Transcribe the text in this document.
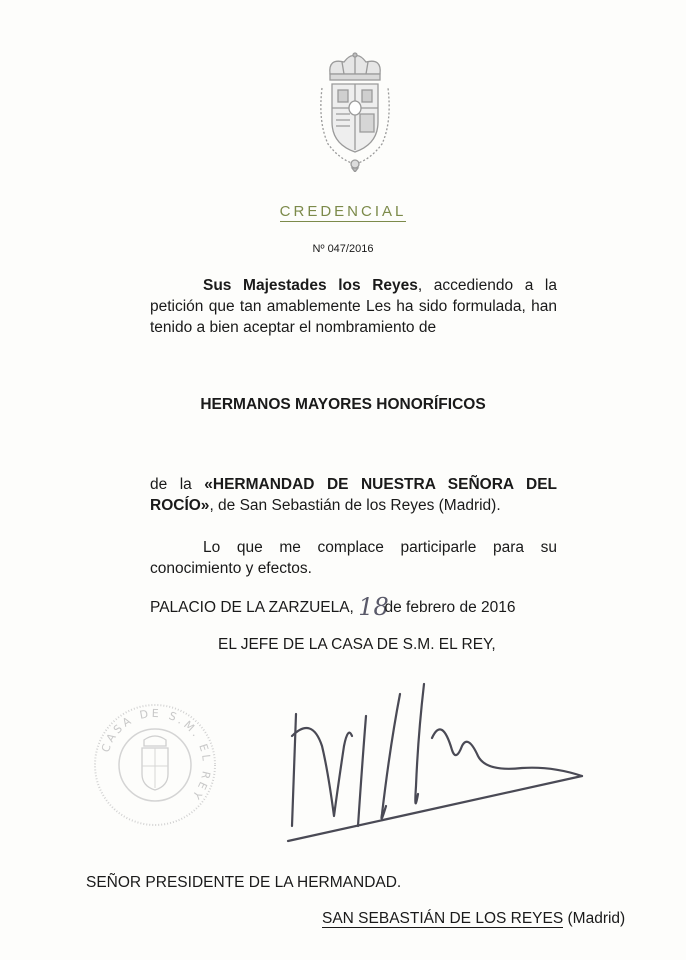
CREDENCIAL
Nº 047/2016
Sus Majestades los Reyes, accediendo a la petición que tan amablemente Les ha sido formulada, han tenido a bien aceptar el nombramiento de
HERMANOS MAYORES HONORÍFICOS
de la «HERMANDAD DE NUESTRA SEÑORA DEL ROCÍO», de San Sebastián de los Reyes (Madrid).
Lo que me complace participarle para su conocimiento y efectos.
PALACIO DE LA ZARZUELA, 18 de febrero de 2016
EL JEFE DE LA CASA DE S.M. EL REY,
CASA DE S.M. EL REY
SEÑOR PRESIDENTE DE LA HERMANDAD.
SAN SEBASTIÁN DE LOS REYES (Madrid)
